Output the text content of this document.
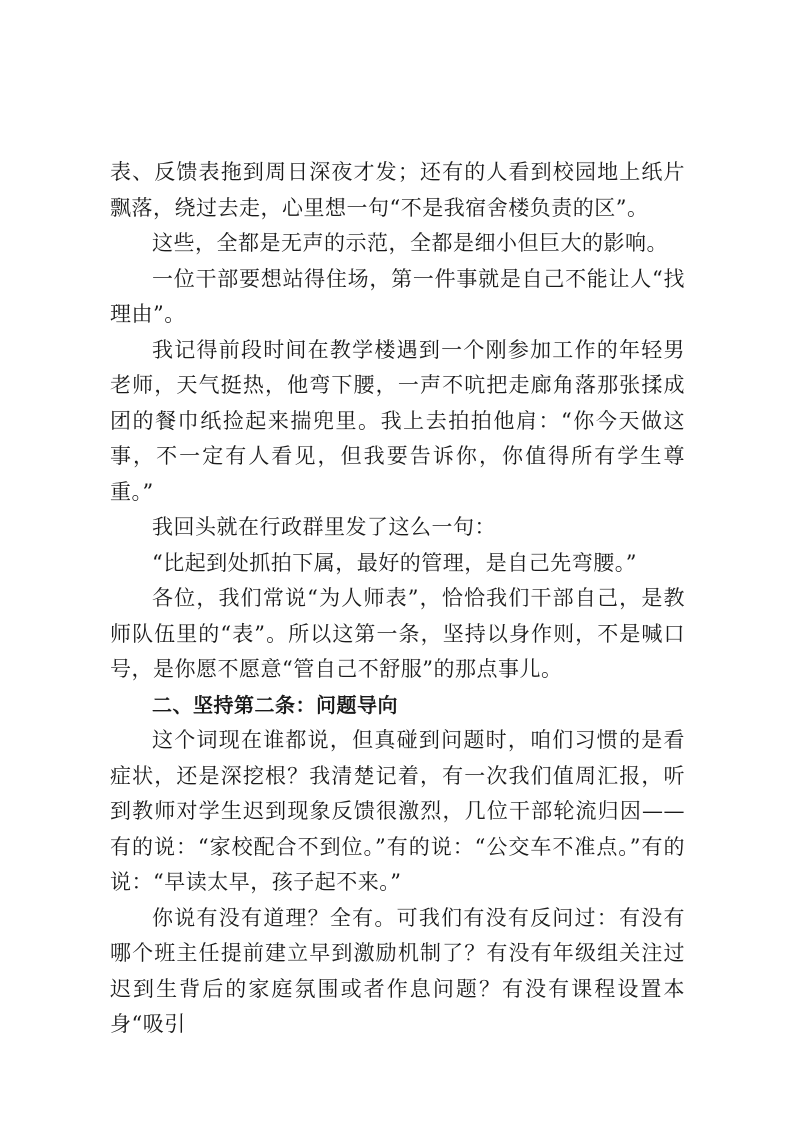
表、反馈表拖到周日深夜才发；还有的人看到校园地上纸片飘落，绕过去走，心里想一句“不是我宿舍楼负责的区”。

这些，全都是无声的示范，全都是细小但巨大的影响。

一位干部要想站得住场，第一件事就是自己不能让人“找理由”。

我记得前段时间在教学楼遇到一个刚参加工作的年轻男老师，天气挺热，他弯下腰，一声不吭把走廊角落那张揉成团的餐巾纸捡起来揣兜里。我上去拍拍他肩：“你今天做这事，不一定有人看见，但我要告诉你，你值得所有学生尊重。”

我回头就在行政群里发了这么一句：

“比起到处抓拍下属，最好的管理，是自己先弯腰。”

各位，我们常说“为人师表”，恰恰我们干部自己，是教师队伍里的“表”。所以这第一条，坚持以身作则，不是喊口号，是你愿不愿意“管自己不舒服”的那点事儿。

二、坚持第二条：问题导向

这个词现在谁都说，但真碰到问题时，咱们习惯的是看症状，还是深挖根？我清楚记着，有一次我们值周汇报，听到教师对学生迟到现象反馈很激烈，几位干部轮流归因——有的说：“家校配合不到位。”有的说：“公交车不准点。”有的说：“早读太早，孩子起不来。”

你说有没有道理？全有。可我们有没有反问过：有没有哪个班主任提前建立早到激励机制了？有没有年级组关注过迟到生背后的家庭氛围或者作息问题？有没有课程设置本身“吸引
